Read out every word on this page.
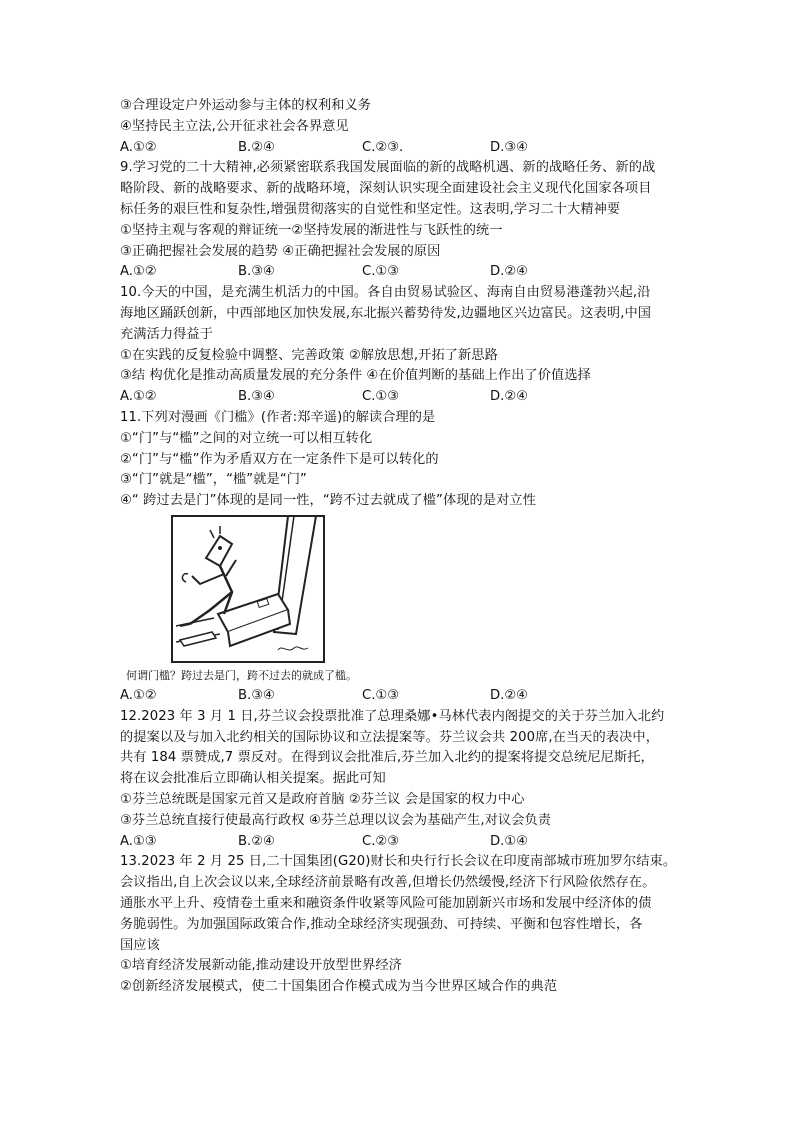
③合理设定户外运动参与主体的权利和义务
④坚持民主立法,公开征求社会各界意见
A.①②	B.②④	C.②③.	D.③④
9.学习党的二十大精神,必须紧密联系我国发展面临的新的战略机遇、新的战略任务、新的战
略阶段、新的战略要求、新的战略环境，深刻认识实现全面建设社会主义现代化国家各项目
标任务的艰巨性和复杂性,增强贯彻落实的自觉性和坚定性。这表明,学习二十大精神要
①坚持主观与客观的辩证统一②坚持发展的渐进性与飞跃性的统一
③正确把握社会发展的趋势 ④正确把握社会发展的原因
A.①②	B.③④	C.①③	D.②④
10.今天的中国，是充满生机活力的中国。各自由贸易试验区、海南自由贸易港蓬勃兴起,沿
海地区踊跃创新，中西部地区加快发展,东北振兴蓄势待发,边疆地区兴边富民。这表明,中国
充满活力得益于
①在实践的反复检验中调整、完善政策 ②解放思想,开拓了新思路
③结 构优化是推动高质量发展的充分条件 ④在价值判断的基础上作出了价值选择
A.①②	B.③④	C.①③	D.②④
11.下列对漫画《门槛》(作者:郑辛遥)的解读合理的是
①“门”与“槛”之间的对立统一可以相互转化
②“门”与“槛”作为矛盾双方在一定条件下是可以转化的
③“门”就是“槛”，“槛”就是“门”
④“ 跨过去是门”体现的是同一性，“跨不过去就成了槛”体现的是对立性
何谓门槛？跨过去是门，跨不过去的就成了槛。
A.①②	B.③④	C.①③	D.②④
12.2023 年 3 月 1 日,芬兰议会投票批准了总理桑娜•马林代表内阁提交的关于芬兰加入北约
的提案以及与加入北约相关的国际协议和立法提案等。芬兰议会共 200席,在当天的表决中，
共有 184 票赞成,7 票反对。在得到议会批准后,芬兰加入北约的提案将提交总统尼尼斯托，
将在议会批准后立即确认相关提案。据此可知
①芬兰总统既是国家元首又是政府首脑 ②芬兰议 会是国家的权力中心
③芬兰总统直接行使最高行政权 ④芬兰总理以议会为基础产生,对议会负责
A.①③	B.②④	C.②③	D.①④
13.2023 年 2 月 25 日,二十国集团(G20)财长和央行行长会议在印度南部城市班加罗尔结束。
会议指出,自上次会议以来,全球经济前景略有改善,但增长仍然缓慢,经济下行风险依然存在。
通胀水平上升、疫情卷土重来和融资条件收紧等风险可能加剧新兴市场和发展中经济体的债
务脆弱性。为加强国际政策合作,推动全球经济实现强劲、可持续、平衡和包容性增长，各
国应该
①培育经济发展新动能,推动建设开放型世界经济
②创新经济发展模式，使二十国集团合作模式成为当今世界区域合作的典范
